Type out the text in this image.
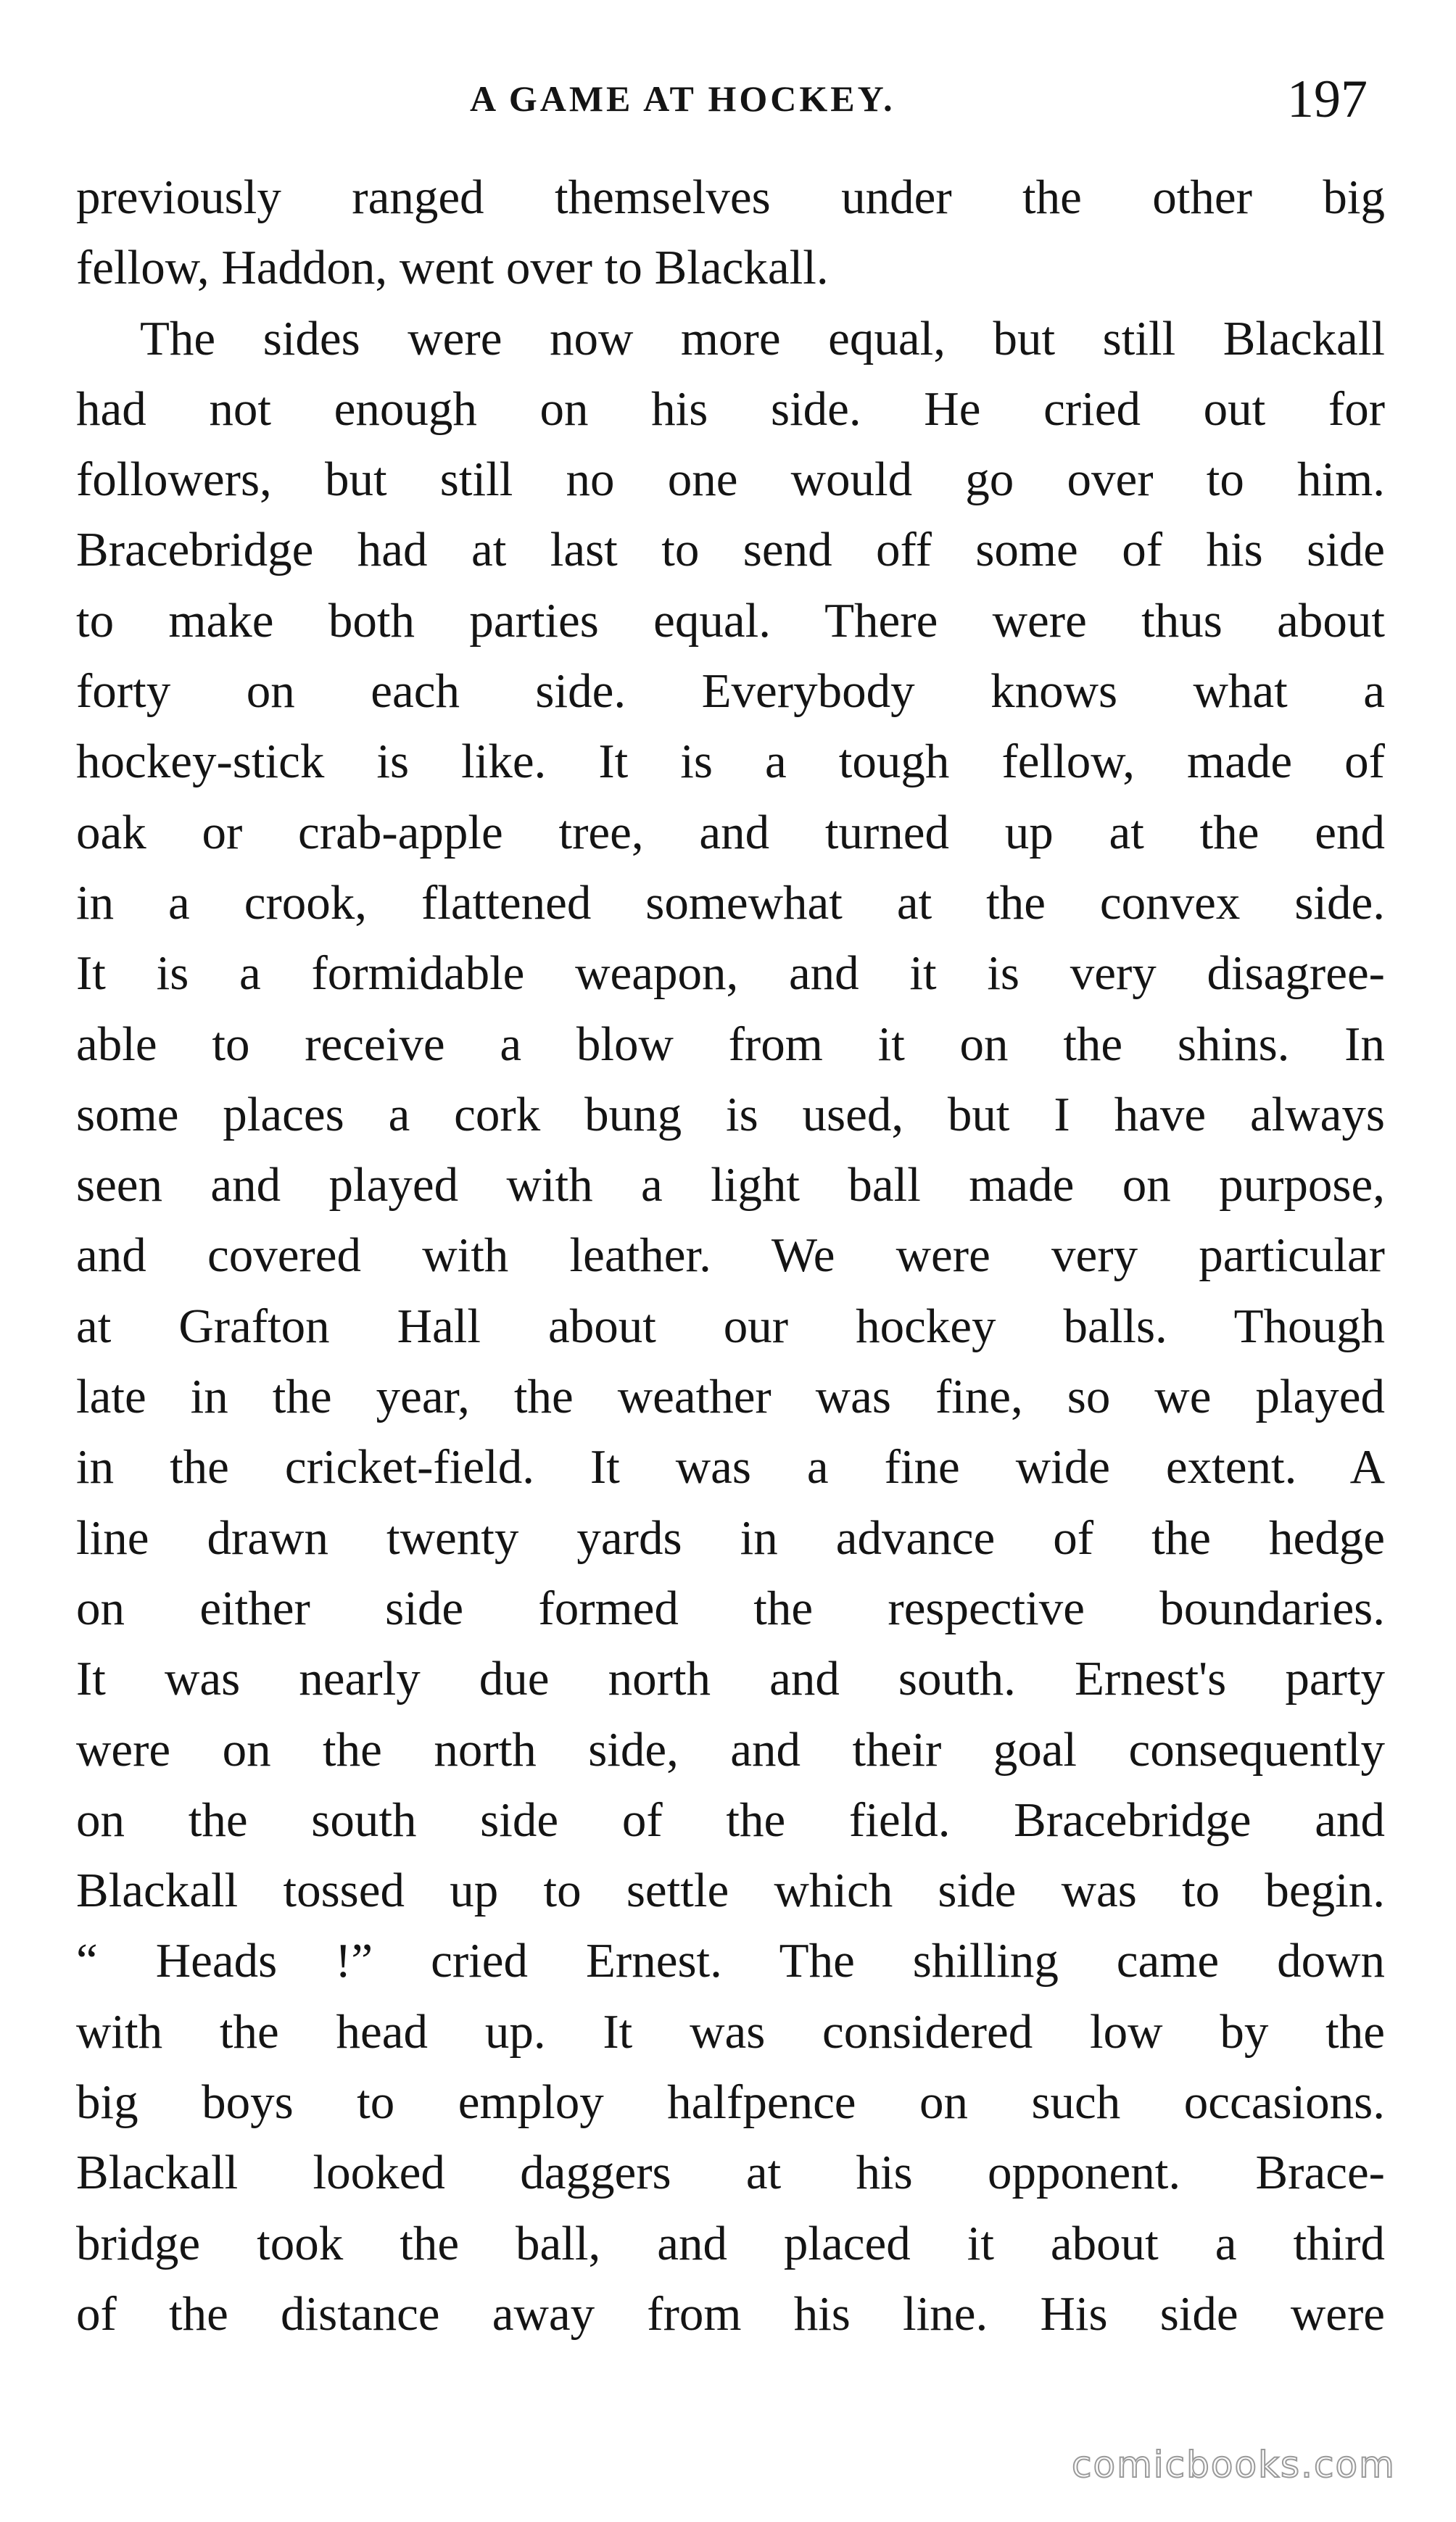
A GAME AT HOCKEY.	197
previously ranged themselves under the other big
fellow, Haddon, went over to Blackall.
The sides were now more equal, but still Blackall
had not enough on his side. He cried out for
followers, but still no one would go over to him.
Bracebridge had at last to send off some of his side
to make both parties equal. There were thus about
forty on each side. Everybody knows what a
hockey-stick is like. It is a tough fellow, made of
oak or crab-apple tree, and turned up at the end
in a crook, flattened somewhat at the convex side.
It is a formidable weapon, and it is very disagree-
able to receive a blow from it on the shins. In
some places a cork bung is used, but I have always
seen and played with a light ball made on purpose,
and covered with leather. We were very particular
at Grafton Hall about our hockey balls. Though
late in the year, the weather was fine, so we played
in the cricket-field. It was a fine wide extent. A
line drawn twenty yards in advance of the hedge
on either side formed the respective boundaries.
It was nearly due north and south. Ernest's party
were on the north side, and their goal consequently
on the south side of the field. Bracebridge and
Blackall tossed up to settle which side was to begin.
“ Heads !” cried Ernest. The shilling came down
with the head up. It was considered low by the
big boys to employ halfpence on such occasions.
Blackall looked daggers at his opponent. Brace-
bridge took the ball, and placed it about a third
of the distance away from his line. His side were
comicbooks.com
